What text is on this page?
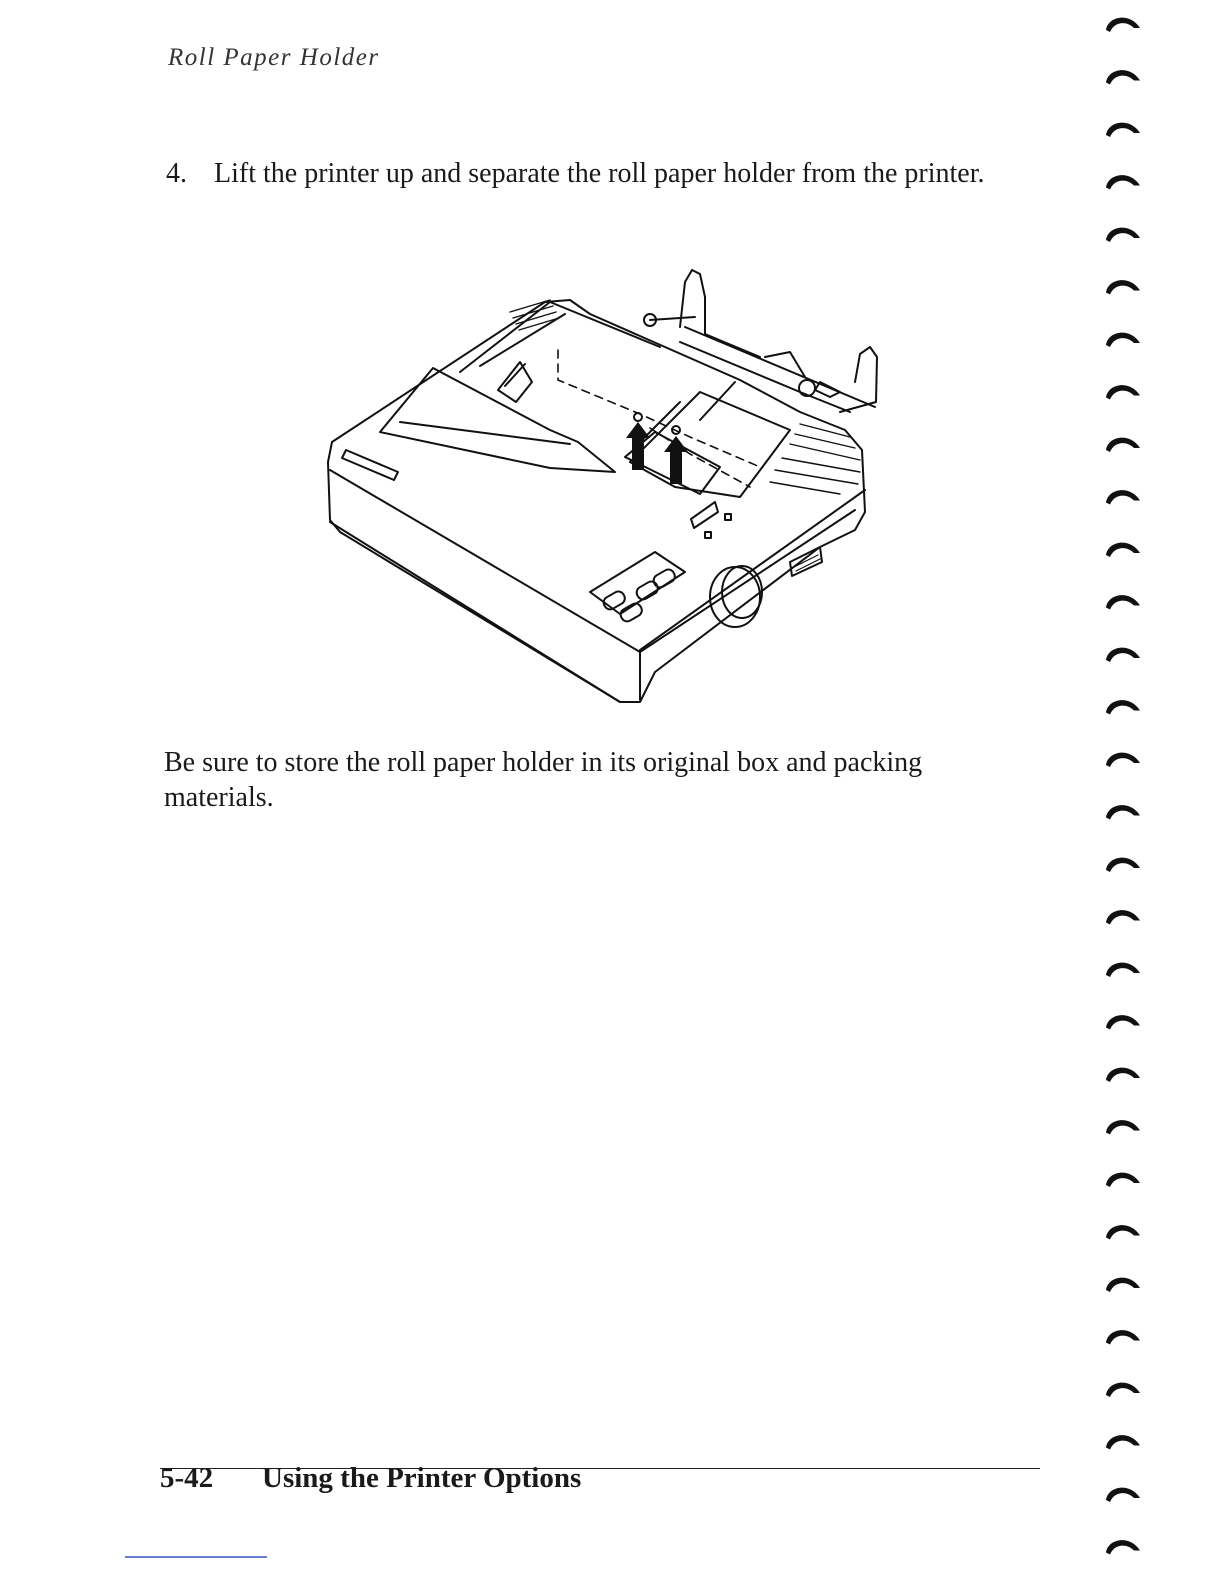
Roll Paper Holder
4. Lift the printer up and separate the roll paper holder from the printer.
Be sure to store the roll paper holder in its original box and packing materials.
5-42 Using the Printer Options
